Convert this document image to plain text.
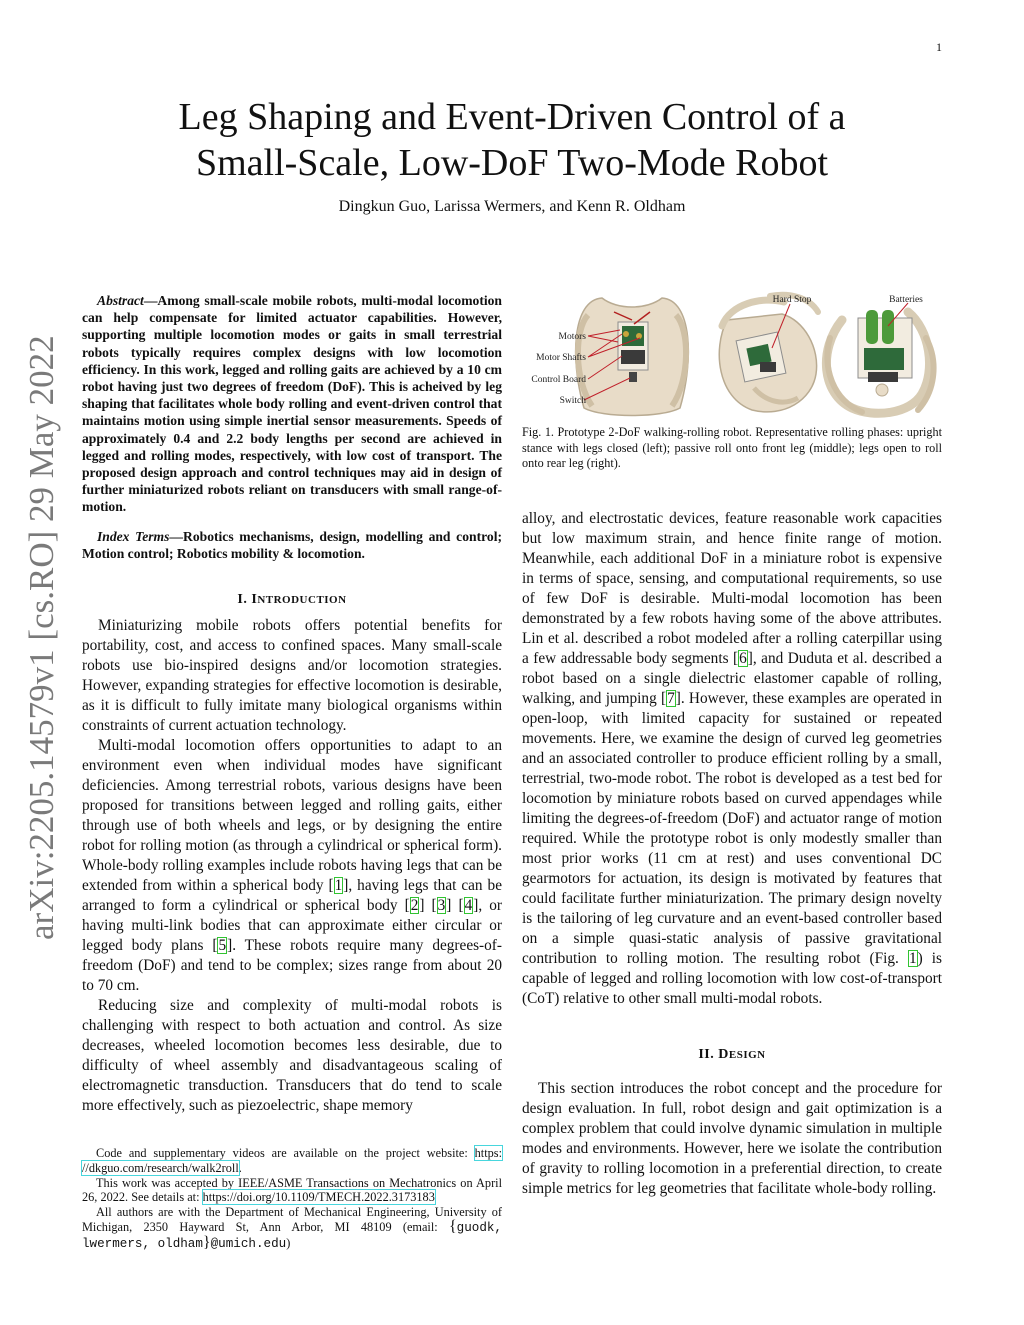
1
arXiv:2205.14579v1 [cs.RO] 29 May 2022
Leg Shaping and Event-Driven Control of a
Small-Scale, Low-DoF Two-Mode Robot
Dingkun Guo, Larissa Wermers, and Kenn R. Oldham

Abstract—Among small-scale mobile robots, multi-modal locomotion can help compensate for limited actuator capabilities. However, supporting multiple locomotion modes or gaits in small terrestrial robots typically requires complex designs with low locomotion efficiency. In this work, legged and rolling gaits are achieved by a 10 cm robot having just two degrees of freedom (DoF). This is acheived by leg shaping that facilitates whole body rolling and event-driven control that maintains motion using simple inertial sensor measurements. Speeds of approximately 0.4 and 2.2 body lengths per second are achieved in legged and rolling modes, respectively, with low cost of transport. The proposed design approach and control techniques may aid in design of further miniaturized robots reliant on transducers with small range-of-motion.

Index Terms—Robotics mechanisms, design, modelling and control; Motion control; Robotics mobility & locomotion.

I. INTRODUCTION

Miniaturizing mobile robots offers potential benefits for portability, cost, and access to confined spaces. Many small-scale robots use bio-inspired designs and/or locomotion strategies. However, expanding strategies for effective locomotion is desirable, as it is difficult to fully imitate many biological organisms within constraints of current actuation technology.

Multi-modal locomotion offers opportunities to adapt to an environment even when individual modes have significant deficiencies. Among terrestrial robots, various designs have been proposed for transitions between legged and rolling gaits, either through use of both wheels and legs, or by designing the entire robot for rolling motion (as through a cylindrical or spherical form). Whole-body rolling examples include robots having legs that can be extended from within a spherical body [1], having legs that can be arranged to form a cylindrical or spherical body [2] [3] [4], or having multi-link bodies that can approximate either circular or legged body plans [5]. These robots require many degrees-of-freedom (DoF) and tend to be complex; sizes range from about 20 to 70 cm.

Reducing size and complexity of multi-modal robots is challenging with respect to both actuation and control. As size decreases, wheeled locomotion becomes less desirable, due to difficulty of wheel assembly and disadvantageous scaling of electromagnetic transduction. Transducers that do tend to scale more effectively, such as piezoelectric, shape memory

Code and supplementary videos are available on the project website: https: //dkguo.com/research/walk2roll.

This work was accepted by IEEE/ASME Transactions on Mechatronics on April 26, 2022. See details at: https://doi.org/10.1109/TMECH.2022.3173183

All authors are with the Department of Mechanical Engineering, University of Michigan, 2350 Hayward St, Ann Arbor, MI 48109 (email: {guodk, lwermers, oldham}@umich.edu)

Motors
Motor Shafts
Control Board
Switch
Hard Stop	Batteries
Fig. 1. Prototype 2-DoF walking-rolling robot. Representative rolling phases: upright stance with legs closed (left); passive roll onto front leg (middle); legs open to roll onto rear leg (right).

alloy, and electrostatic devices, feature reasonable work capacities but low maximum strain, and hence finite range of motion. Meanwhile, each additional DoF in a miniature robot is expensive in terms of space, sensing, and computational requirements, so use of few DoF is desirable. Multi-modal locomotion has been demonstrated by a few robots having some of the above attributes. Lin et al. described a robot modeled after a rolling caterpillar using a few addressable body segments [6], and Duduta et al. described a robot based on a single dielectric elastomer capable of rolling, walking, and jumping [7]. However, these examples are operated in open-loop, with limited capacity for sustained or repeated movements. Here, we examine the design of curved leg geometries and an associated controller to produce efficient rolling by a small, terrestrial, two-mode robot. The robot is developed as a test bed for locomotion by miniature robots based on curved appendages while limiting the degrees-of-freedom (DoF) and actuator range of motion required. While the prototype robot is only modestly smaller than most prior works (11 cm at rest) and uses conventional DC gearmotors for actuation, its design is motivated by features that could facilitate further miniaturization. The primary design novelty is the tailoring of leg curvature and an event-based controller based on a simple quasi-static analysis of passive gravitational contribution to rolling motion. The resulting robot (Fig. 1) is capable of legged and rolling locomotion with low cost-of-transport (CoT) relative to other small multi-modal robots.

II. DESIGN

This section introduces the robot concept and the procedure for design evaluation. In full, robot design and gait optimization is a complex problem that could involve dynamic simulation in multiple modes and environments. However, here we isolate the contribution of gravity to rolling locomotion in a preferential direction, to create simple metrics for leg geometries that facilitate whole-body rolling.
